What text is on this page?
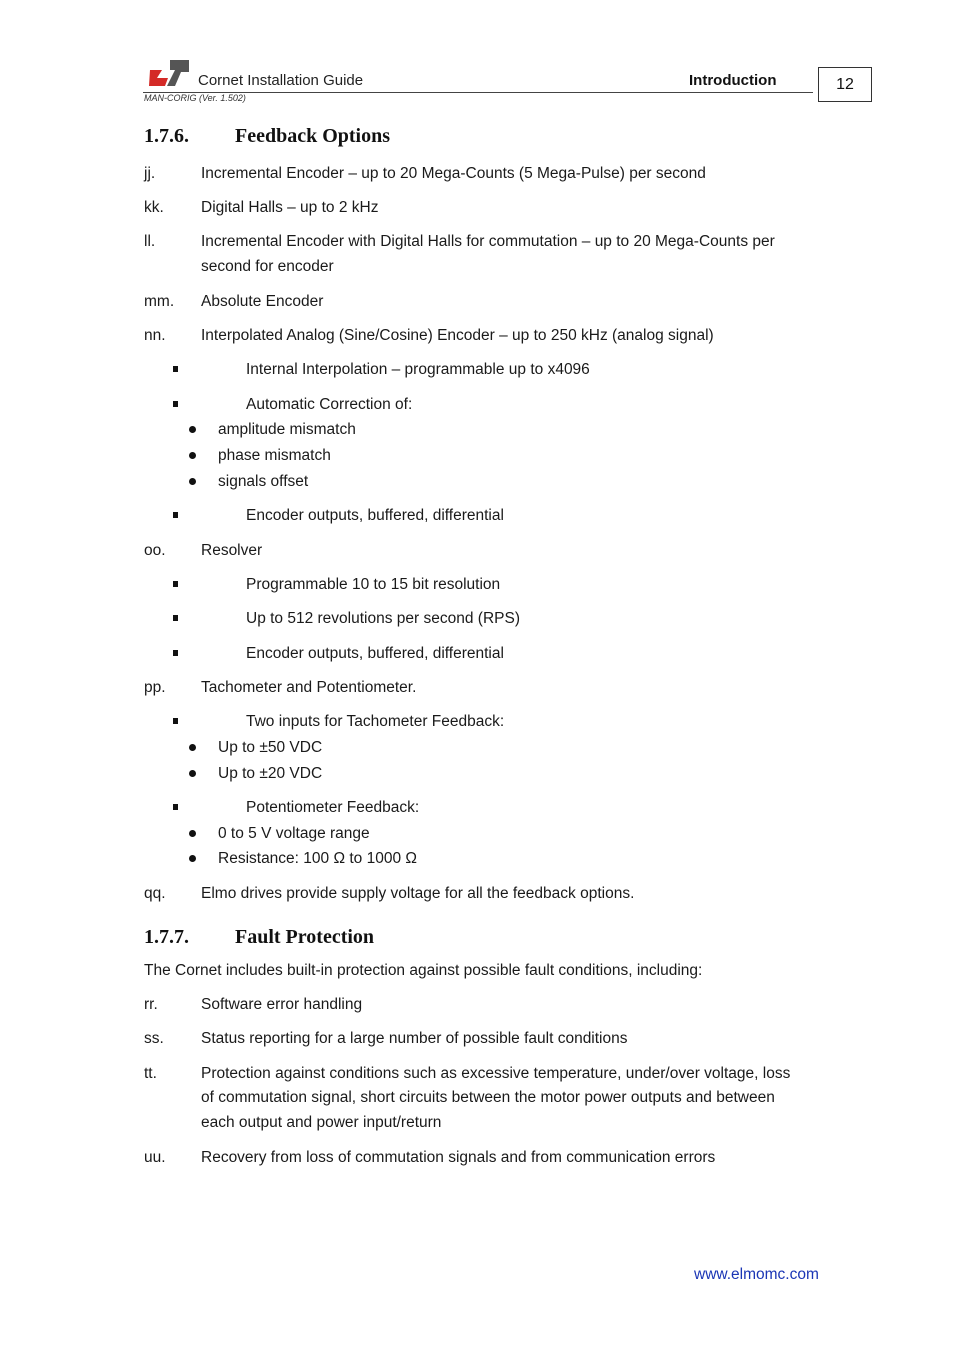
Cornet Installation Guide	Introduction
MAN-CORIG (Ver. 1.502)
12
1.7.6. Feedback Options
jj.	Incremental Encoder – up to 20 Mega-Counts (5 Mega-Pulse) per second
kk. Digital Halls – up to 2 kHz
ll.	Incremental Encoder with Digital Halls for commutation – up to 20 Mega-Counts per
second for encoder
mm. Absolute Encoder
nn. Interpolated Analog (Sine/Cosine) Encoder – up to 250 kHz (analog signal)
Internal Interpolation – programmable up to x4096
Automatic Correction of:
amplitude mismatch
phase mismatch
signals offset
Encoder outputs, buffered, differential
oo. Resolver
Programmable 10 to 15 bit resolution
Up to 512 revolutions per second (RPS)
Encoder outputs, buffered, differential
pp. Tachometer and Potentiometer.
Two inputs for Tachometer Feedback:
Up to ±50 VDC
Up to ±20 VDC
Potentiometer Feedback:
0 to 5 V voltage range
Resistance: 100 Ω to 1000 Ω
qq. Elmo drives provide supply voltage for all the feedback options.
1.7.7. Fault Protection
The Cornet includes built-in protection against possible fault conditions, including:
rr.	Software error handling
ss. Status reporting for a large number of possible fault conditions
tt.	Protection against conditions such as excessive temperature, under/over voltage, loss
of commutation signal, short circuits between the motor power outputs and between
each output and power input/return
uu. Recovery from loss of commutation signals and from communication errors
www.elmomc.com
